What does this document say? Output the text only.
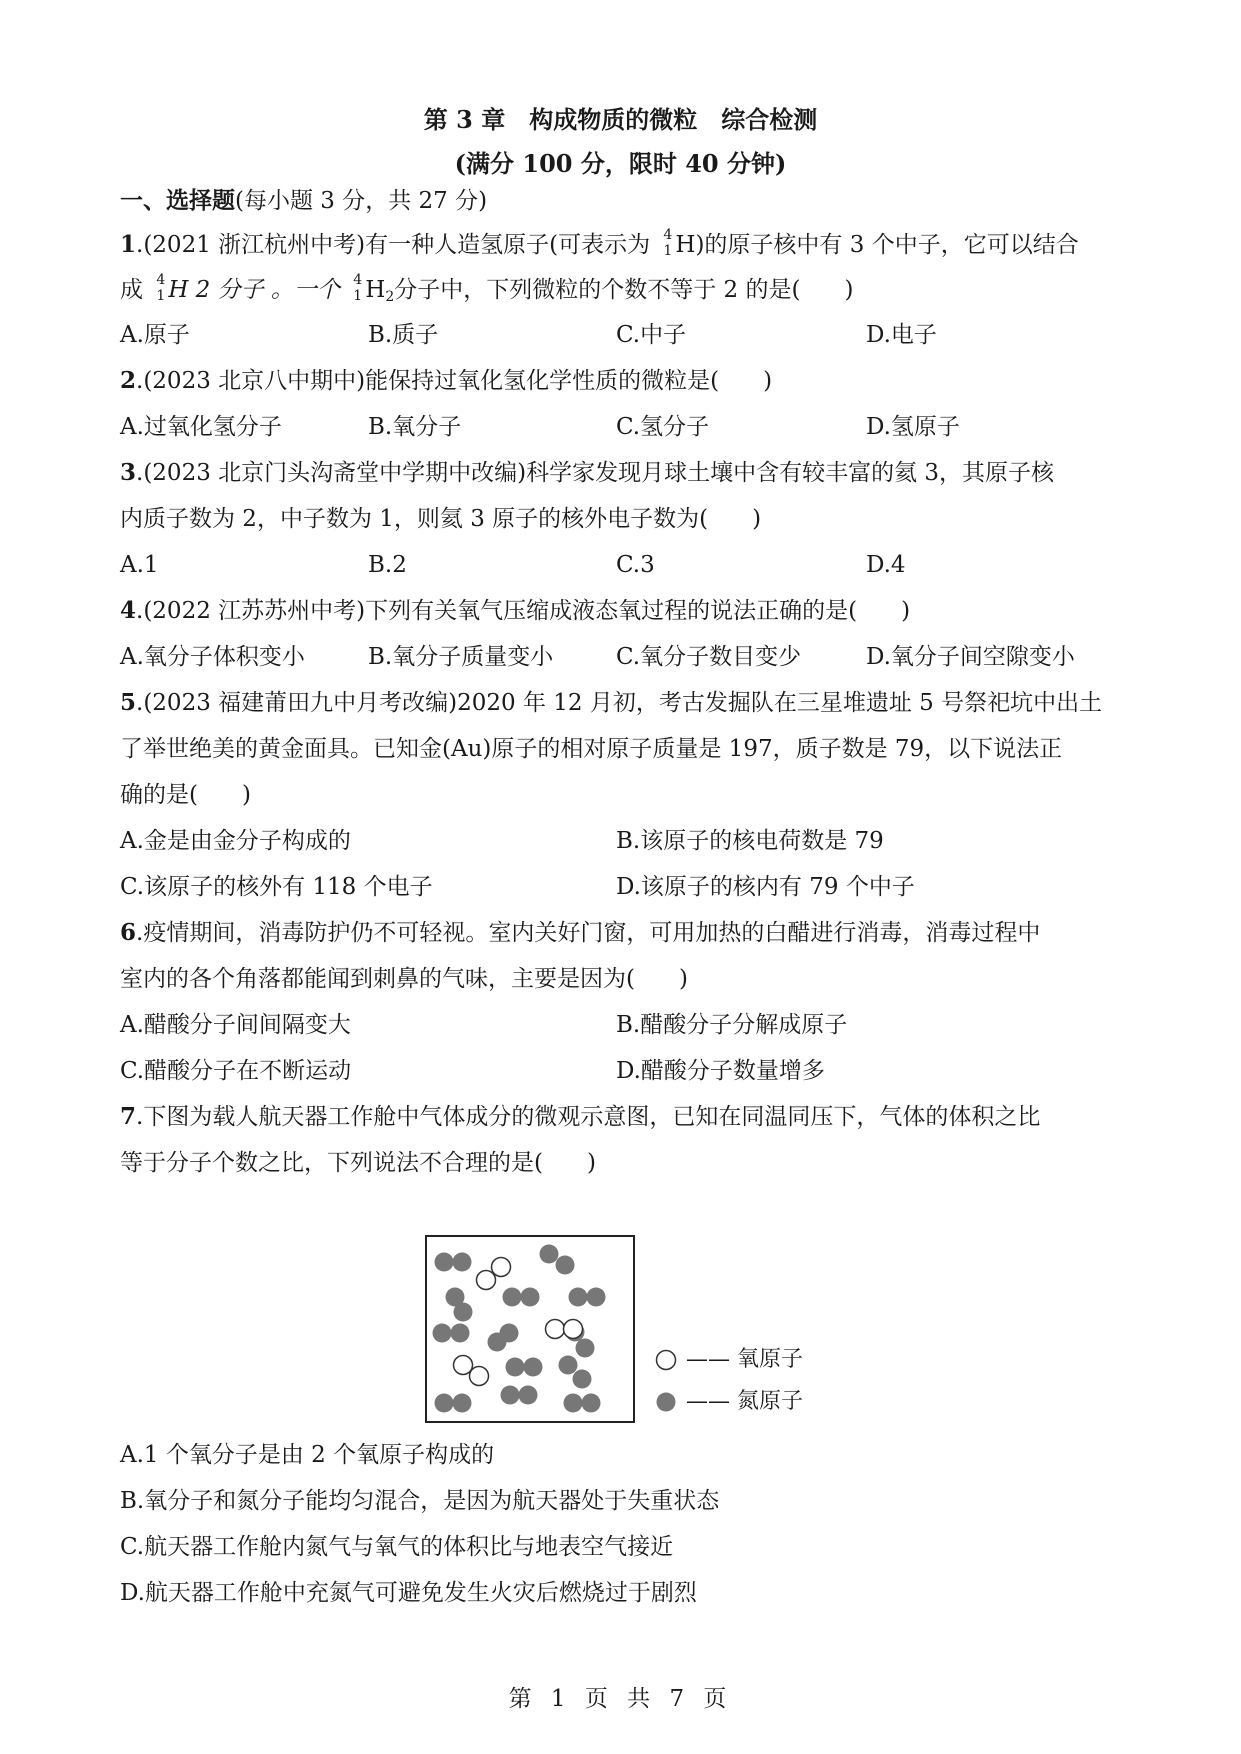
第 3 章　构成物质的微粒　综合检测
(满分 100 分，限时 40 分钟)
一、选择题(每小题 3 分，共 27 分)
1.(2021 浙江杭州中考)有一种人造氢原子(可表示为 4
1 H)的原子核中有 3 个中子，它可以结合
成 4
1 H 2 分子 。一个 4
1 H2分子中，下列微粒的个数不等于 2 的是( )
A.原子	B.质子	C.中子	D.电子
2.(2023 北京八中期中)能保持过氧化氢化学性质的微粒是( )
A.过氧化氢分子	B.氧分子	C.氢分子	D.氢原子
3.(2023 北京门头沟斋堂中学期中改编)科学家发现月球土壤中含有较丰富的氦 3，其原子核
内质子数为 2，中子数为 1，则氦 3 原子的核外电子数为( )
A.1	B.2	C.3	D.4
4.(2022 江苏苏州中考)下列有关氧气压缩成液态氧过程的说法正确的是( )
A.氧分子体积变小	B.氧分子质量变小	C.氧分子数目变少	D.氧分子间空隙变小
5.(2023 福建莆田九中月考改编)2020 年 12 月初，考古发掘队在三星堆遗址 5 号祭祀坑中出土
了举世绝美的黄金面具。已知金(Au)原子的相对原子质量是 197，质子数是 79，以下说法正
确的是( )
A.金是由金分子构成的	B.该原子的核电荷数是 79
C.该原子的核外有 118 个电子	D.该原子的核内有 79 个中子
6.疫情期间，消毒防护仍不可轻视。室内关好门窗，可用加热的白醋进行消毒，消毒过程中
室内的各个角落都能闻到刺鼻的气味，主要是因为( )
A.醋酸分子间间隔变大	B.醋酸分子分解成原子
C.醋酸分子在不断运动	D.醋酸分子数量增多
7.下图为载人航天器工作舱中气体成分的微观示意图，已知在同温同压下，气体的体积之比
等于分子个数之比，下列说法不合理的是( )
—— 氧原子
—— 氮原子
A.1 个氧分子是由 2 个氧原子构成的
B.氧分子和氮分子能均匀混合，是因为航天器处于失重状态
C.航天器工作舱内氮气与氧气的体积比与地表空气接近
D.航天器工作舱中充氮气可避免发生火灾后燃烧过于剧烈
第 1 页 共 7 页
